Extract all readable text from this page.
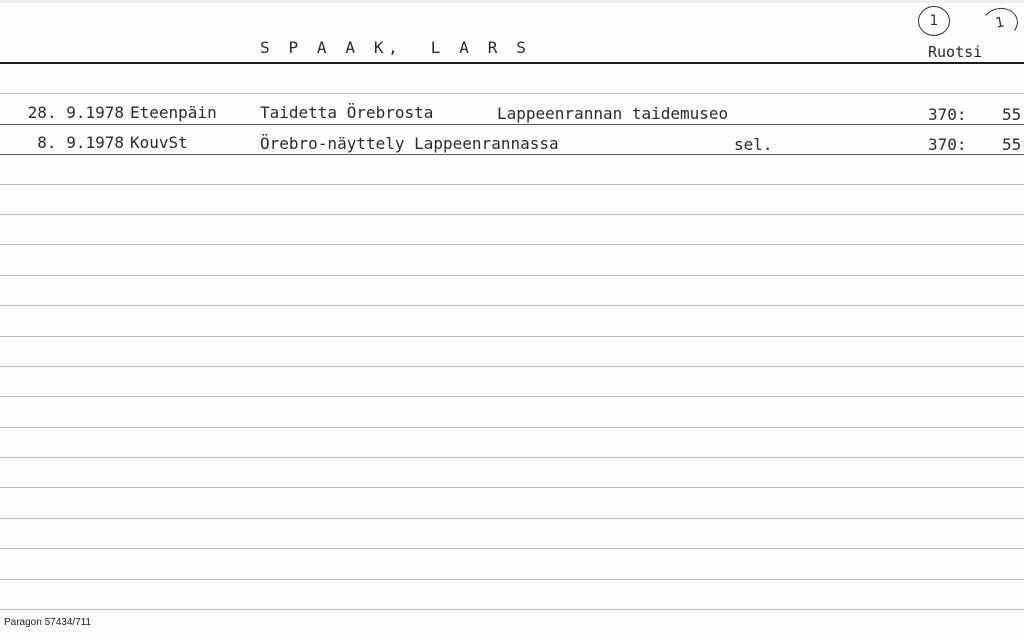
1	1
S P A A K,  L A R S	Ruotsi
28. 9.1978 Eteenpäin	Taidetta Örebrosta	Lappeenrannan taidemuseo	370: 55
8. 9.1978 KouvSt	Örebro-näyttely Lappeenrannassa	sel.	370: 55
Paragon 57434/711
